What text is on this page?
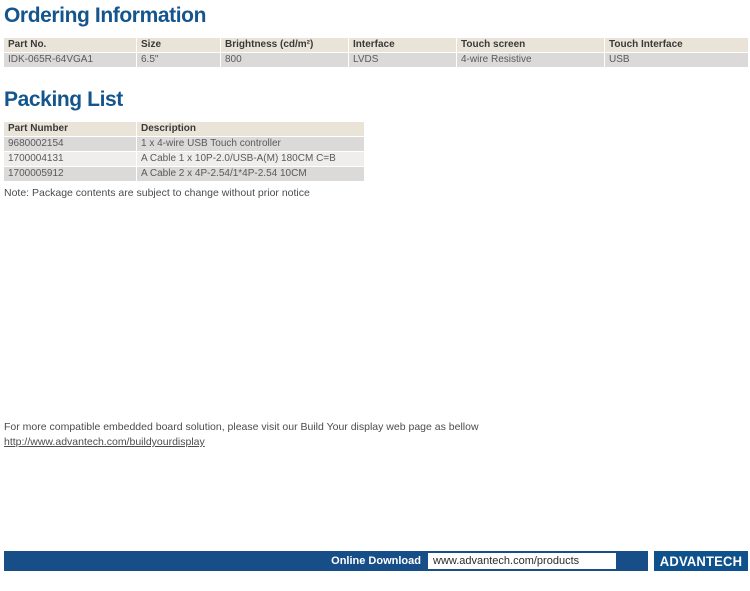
Ordering Information
Part No.	Size	Brightness (cd/m²)	Interface	Touch screen	Touch Interface
IDK-065R-64VGA1	6.5"	800	LVDS	4-wire Resistive	USB
Packing List
Part Number	Description
9680002154	1 x 4-wire USB Touch controller
1700004131	A Cable 1 x 10P-2.0/USB-A(M) 180CM C=B
1700005912	A Cable 2 x 4P-2.54/1*4P-2.54 10CM
Note: Package contents are subject to change without prior notice
For more compatible embedded board solution, please visit our Build Your display web page as bellow
http://www.advantech.com/buildyourdisplay
Online Download	www.advantech.com/products	ADVANTECH
